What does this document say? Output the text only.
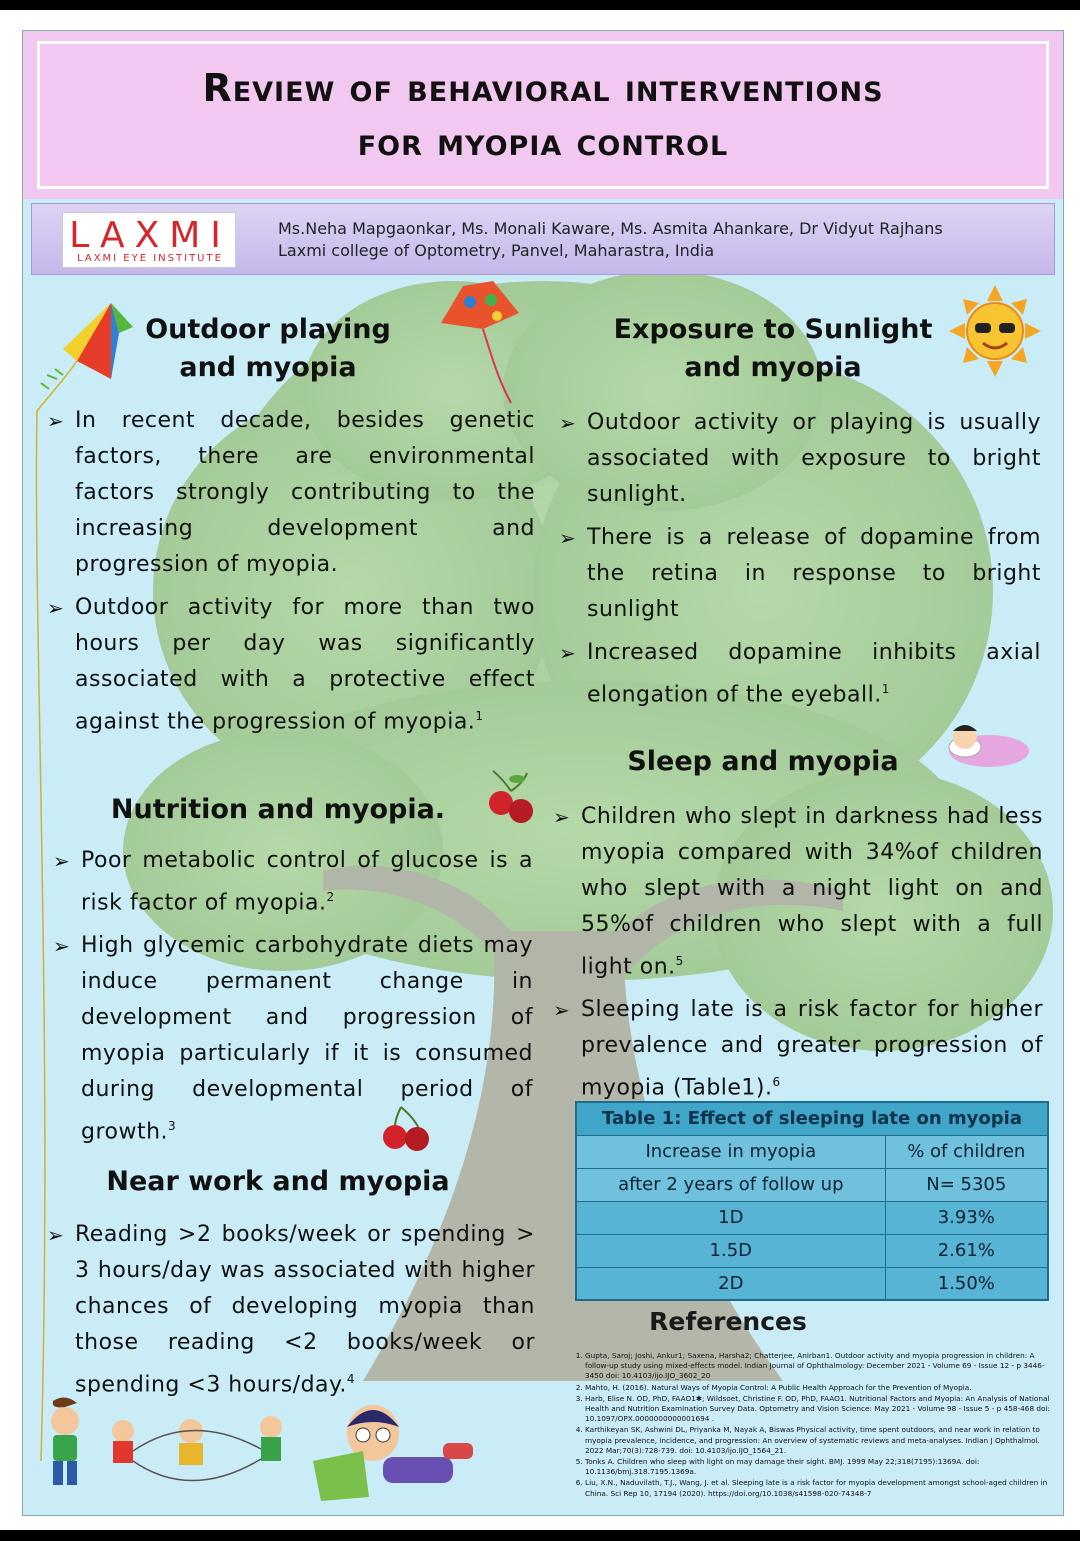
Review of behavioral interventions
for myopia control
LAXMI
LAXMI EYE INSTITUTE
Ms.Neha Mapgaonkar, Ms. Monali Kaware, Ms. Asmita Ahankare, Dr Vidyut Rajhans
Laxmi college of Optometry, Panvel, Maharastra, India
Outdoor playing
and myopia
➢ In recent decade, besides genetic factors, there are environmental factors strongly contributing to the increasing development and progression of myopia.
➢ Outdoor activity for more than two hours per day was significantly associated with a protective effect against the progression of myopia.$^1$
Nutrition and myopia.
➢ Poor metabolic control of glucose is a risk factor of myopia.$^2$
➢ High glycemic carbohydrate diets may induce permanent change in development and progression of myopia particularly if it is consumed during developmental period of growth.$^3$
Near work and myopia
➢ Reading >2 books/week or spending > 3 hours/day was associated with higher chances of developing myopia than those reading <2 books/week or spending <3 hours/day.$^4$
Exposure to Sunlight
and myopia
➢ Outdoor activity or playing is usually associated with exposure to bright sunlight.
➢ There is a release of dopamine from the retina in response to bright sunlight
➢ Increased dopamine inhibits axial elongation of the eyeball.$^1$
Sleep and myopia
➢ Children who slept in darkness had less myopia compared with 34%of children who slept with a night light on and 55%of children who slept with a full light on.$^5$
➢ Sleeping late is a risk factor for higher prevalence and greater progression of myopia (Table1).$^6$
Table 1: Effect of sleeping late on myopia	
Increase in myopia	% of children
after 2 years of follow up	N= 5305
1D	3.93%
1.5D	2.61%
2D	1.50%
References
1. Gupta, Saroj; Joshi, Ankur1; Saxena, Harsha2; Chatterjee, Anirban1. Outdoor activity and myopia progression in children: A follow-up study using mixed-effects model. Indian Journal of Ophthalmology: December 2021 - Volume 69 - Issue 12 - p 3446-3450 doi: 10.4103/ijo.IJO_3602_20
2. Mahto, H. (2016). Natural Ways of Myopia Control: A Public Health Approach for the Prevention of Myopia.
3. Harb, Elise N. OD, PhD, FAAO1✱; Wildsoet, Christine F. OD, PhD, FAAO1. Nutritional Factors and Myopia: An Analysis of National Health and Nutrition Examination Survey Data. Optometry and Vision Science: May 2021 - Volume 98 - Issue 5 - p 458-468 doi: 10.1097/OPX.0000000000001694 .
4. Karthikeyan SK, Ashwini DL, Priyanka M, Nayak A, Biswas Physical activity, time spent outdoors, and near work in relation to myopia prevalence, incidence, and progression: An overview of systematic reviews and meta-analyses. Indian J Ophthalmol. 2022 Mar;70(3):728-739. doi: 10.4103/ijo.IJO_1564_21.
5. Tonks A. Children who sleep with light on may damage their sight. BMJ. 1999 May 22;318(7195):1369A. doi: 10.1136/bmj.318.7195.1369a.
6. Liu, X.N., Naduvilath, T.J., Wang, J. et al. Sleeping late is a risk factor for myopia development amongst school-aged children in China. Sci Rep 10, 17194 (2020). https://doi.org/10.1038/s41598-020-74348-7
